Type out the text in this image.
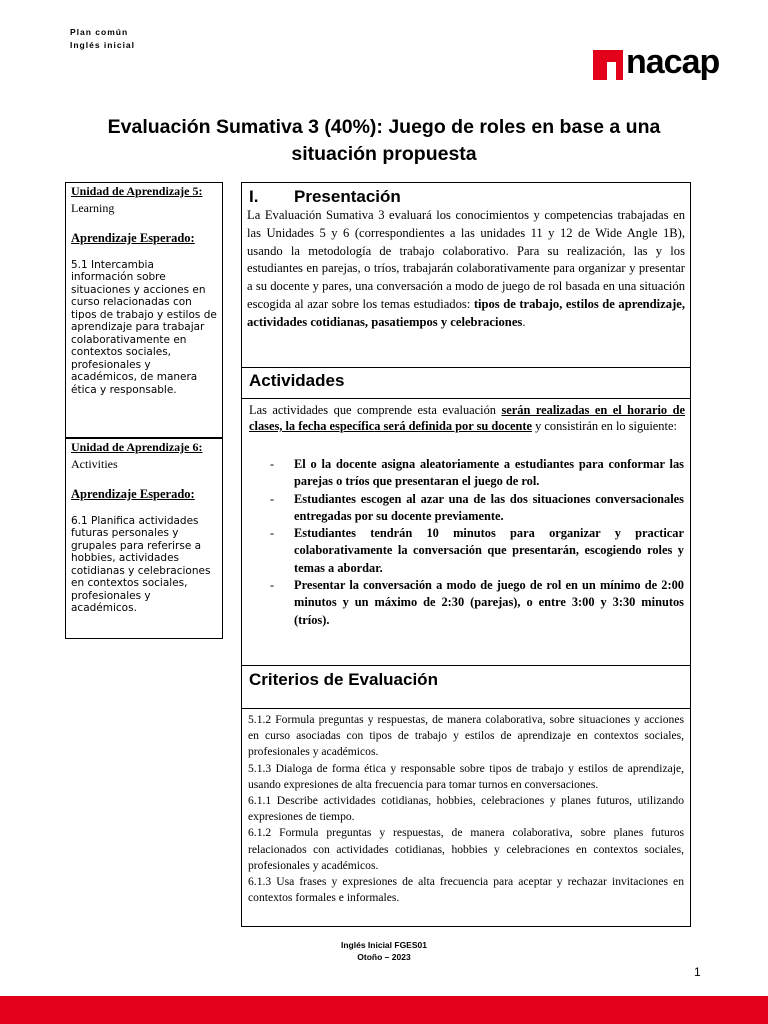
Plan común
Inglés inicial	nacap
Evaluación Sumativa 3 (40%): Juego de roles en base a una
situación propuesta
Unidad de Aprendizaje 5:
Learning
Aprendizaje Esperado:
5.1 Intercambia información sobre situaciones y acciones en curso relacionadas con tipos de trabajo y estilos de aprendizaje para trabajar colaborativamente en contextos sociales, profesionales y académicos, de manera ética y responsable.
Unidad de Aprendizaje 6:
Activities
Aprendizaje Esperado:
6.1 Planifica actividades futuras personales y grupales para referirse a hobbies, actividades cotidianas y celebraciones en contextos sociales, profesionales y académicos.
I. Presentación
La Evaluación Sumativa 3 evaluará los conocimientos y competencias trabajadas en las Unidades 5 y 6 (correspondientes a las unidades 11 y 12 de Wide Angle 1B), usando la metodología de trabajo colaborativo. Para su realización, las y los estudiantes en parejas, o tríos, trabajarán colaborativamente para organizar y presentar a su docente y pares, una conversación a modo de juego de rol basada en una situación escogida al azar sobre los temas estudiados: tipos de trabajo, estilos de aprendizaje, actividades cotidianas, pasatiempos y celebraciones.
Actividades
Las actividades que comprende esta evaluación serán realizadas en el horario de clases, la fecha específica será definida por su docente y consistirán en lo siguiente:
- El o la docente asigna aleatoriamente a estudiantes para conformar las parejas o tríos que presentaran el juego de rol.
- Estudiantes escogen al azar una de las dos situaciones conversacionales entregadas por su docente previamente.
- Estudiantes tendrán 10 minutos para organizar y practicar colaborativamente la conversación que presentarán, escogiendo roles y temas a abordar.
- Presentar la conversación a modo de juego de rol en un mínimo de 2:00 minutos y un máximo de 2:30 (parejas), o entre 3:00 y 3:30 minutos (tríos).
Criterios de Evaluación

5.1.2 Formula preguntas y respuestas, de manera colaborativa, sobre situaciones y acciones en curso asociadas con tipos de trabajo y estilos de aprendizaje en contextos sociales, profesionales y académicos.

5.1.3 Dialoga de forma ética y responsable sobre tipos de trabajo y estilos de aprendizaje, usando expresiones de alta frecuencia para tomar turnos en conversaciones.

6.1.1 Describe actividades cotidianas, hobbies, celebraciones y planes futuros, utilizando expresiones de tiempo.

6.1.2 Formula preguntas y respuestas, de manera colaborativa, sobre planes futuros relacionados con actividades cotidianas, hobbies y celebraciones en contextos sociales, profesionales y académicos.

6.1.3 Usa frases y expresiones de alta frecuencia para aceptar y rechazar invitaciones en contextos formales e informales.

Inglés Inicial FGES01
Otoño – 2023
1
